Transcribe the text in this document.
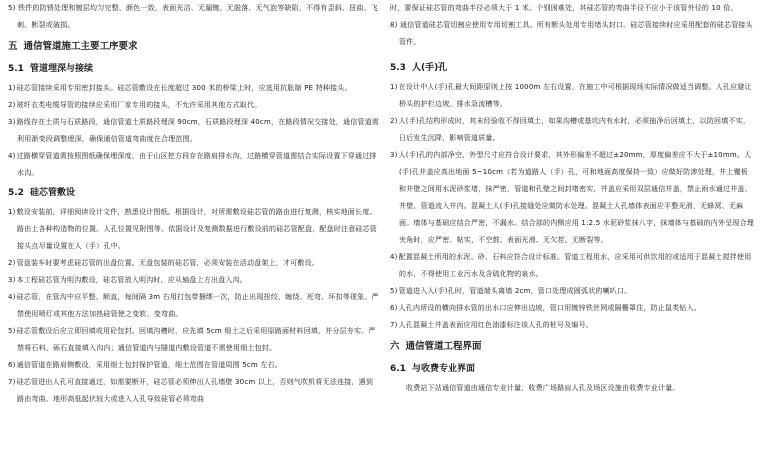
5) 铁件的防锈处理和镀层均匀完整、颜色一致，表面光洁、无漏镀、无脱落、无气泡等缺陷，不得有歪斜、扭曲、飞刺、断裂或破损。

五 通信管道施工主要工序要求
5.1 管道埋深与接续

1)硅芯管接续采用专用密封接头。硅芯管敷设在长度超过 300 米的桥梁上时，应选用抗胀缩 PE 特种接头。

2)玻纤衣类电缆导管的接续应采用厂家专用的接头，不允许采用其他方式取代。

3)路线存在土质与石质路段，通信管道土质路段埋深 90cm，石质路段埋深 40cm，在路段情况交接处，通信管道需利用渐变段调整埋深，确保通信管道弯曲度在合理范围。

4)过路横穿管道需按照图纸确保埋深度，由于山区挖方段存在路肩排水沟，过路横穿管道需结合实际设置下穿通过排水沟。

5.2 硅芯管敷设

1)敷设安装前，详细阅读设计文件，熟悉设计图纸。根据设计，对所需敷设硅芯管的路由进行复测，核实地面长度、路由上各种构造物的位置。人孔位置见附图等。依据设计及复测数据进行敷设前的硅芯管配盘，配盘时注意硅芯管接头点尽量设置在人（手）孔中。

2)管盘装车时要考虑硅芯管的出盘位置。无盘包装的硅芯管，必须安装在活动盘架上，才可敷设。

3)本工程硅芯管为明沟敷设，硅芯管放入明沟时，应从轴盘上方出盘入沟。

4)硅芯管，在管沟中应平整、顺直，每间隔 3m 右用打包带捆绑一次，防止出现扭绞、缠绕、死弯、环扣等现象。严禁使用喷灯或其他方法加热硅管使之变软、变弯曲。

5)硅芯管敷设后应立即回填或用砼包封。回填沟槽时，应先填 5cm 细土之后采用原路面材料回填，并分层夯实。严禁将石料、砾石直接填入沟内；通信管道内与隧道内敷设管道不需使用细土包封。

6)通信管道在路肩侧敷设，采用细土包封保护管道，细土范围在管道周围 5cm 左右。

7)硅芯管进出人孔可直接通过，如需要断开，硅芯管必须伸出人孔墙壁 30cm 以上，否则气吹机将无法连接，遇到路由弯曲、地形高低起伏较大或进入人孔导致硅管必须弯曲

时，要保证硅芯管的弯曲半径必须大于 1 米。个别困难处，其硅芯管的弯曲半径不应小于该管外径的 10 倍。

8) 通信管道硅芯管切割应使用专用切割工具。所有断头处用专用堵头封口。硅芯管接续时应采用配套的硅芯管接头管件。

5.3 人(手)孔

1)在设计中人(手)孔最大间距原则上按 1000m 左右设置，在施工中可根据现场实际情况做适当调整。人孔应避让桥头的护栏边坡、排水急流槽等。

2)人(手)孔结构形成时，其未经验收不得回填土，如果沟槽或基坑内有水时，必须抽净后回填土，以防回填不实，日后发生沉降，影响管道质量。

3)人(手)孔的内部净空、外型尺寸应符合设计要求，其外形偏差不超过±20mm，厚度偏差应不大于±10mm。人(手)孔井盖应高出地面 5~10cm（若为道路人（手）孔，可和地面高度保持一致）应做好防渗处理，井上覆板和井壁之间用水泥砂浆堵，抹严密，管道和孔壁之间封堵密实，井盖应采用双层通信井盖，禁止雨水通过井盖、井壁、管道流入井内。混凝土人(手)孔接缝处应做防水处理。混凝土人孔墙体表面应平整光滑，无蜂窝、无麻面。墙体与基础应结合严密，不漏水。结合部的内侧应用 1:2.5 水泥砂浆抹八字，抹墙体与基础的内外呈现合理夹角时，应严密、帖实、不空鼓、表面光滑、无欠茬、无断裂等。

4)配置混凝土所用的水泥、砂、石料应符合设计标准。管道工程用水，应采用可供饮用的或适用于混凝土搅拌使用的水，不得使用工业污水及含硫化物的泉水。

5)管道进入人(手)孔时，管道端头离墙 2cm，管口处理成圆弧状的喇叭口。

6)人孔内所设的横向排水管的出水口应伸出边坡，管口用镀锌铁丝网或隔栅罩住，防止鼠类钻入。

7)人孔混凝土井盖表面应用红色油漆标注该人孔的桩号及编号。

六 通信管道工程界面
6.1 与收费专业界面

收费站下站通信管道由通信专业计量，收费广场路肩人孔及场区设施由收费专业计量。
